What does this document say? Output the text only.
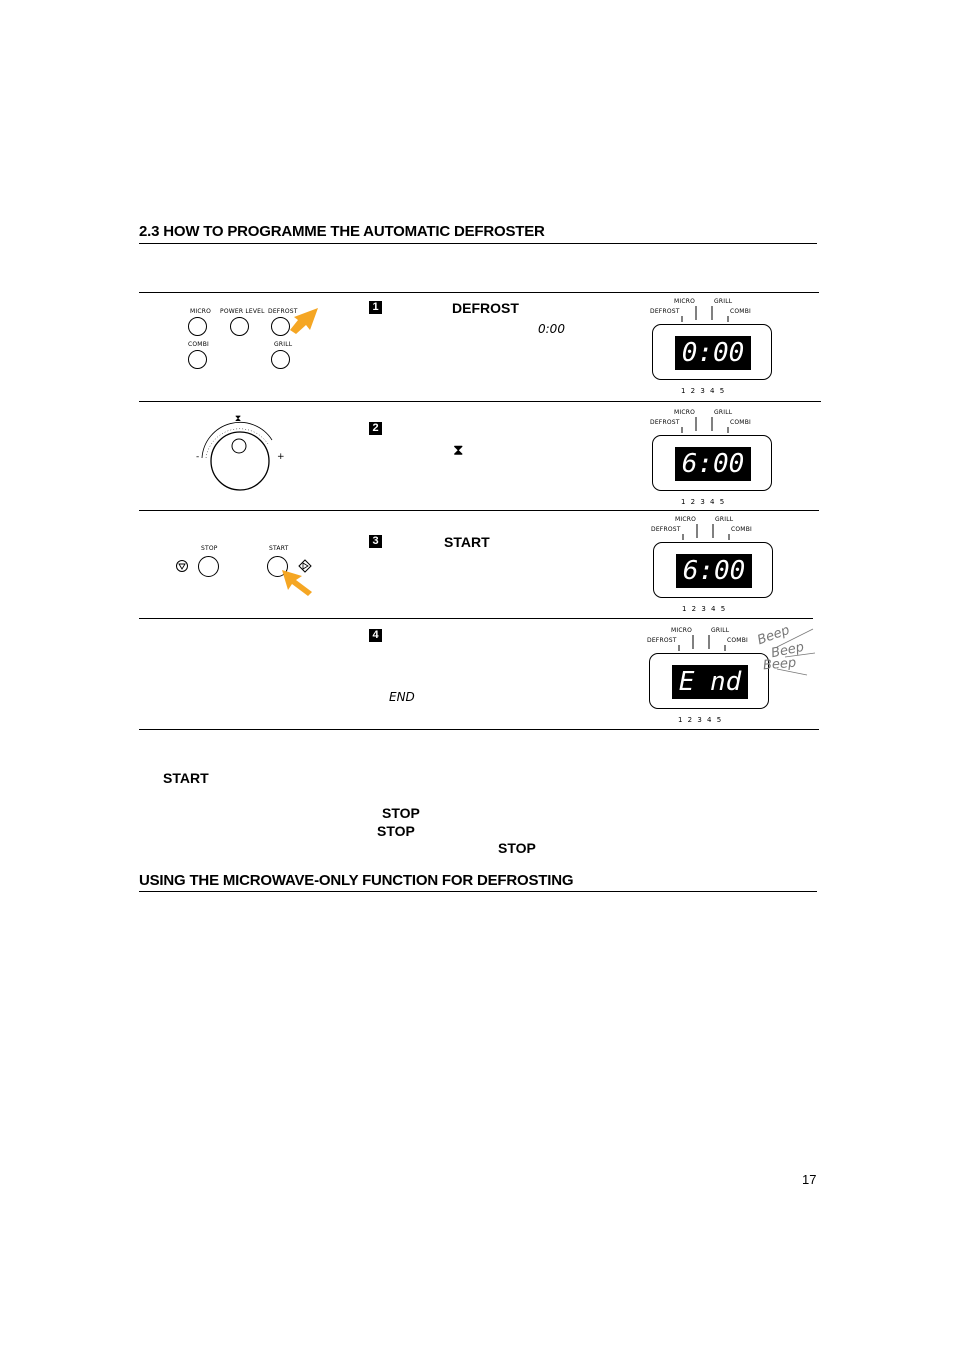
2.3 HOW TO PROGRAMME THE AUTOMATIC DEFROSTER
MICRO POWER LEVEL DEFROST
COMBI	GRILL
1	DEFROST
0:00
MICRO	GRILL
DEFROST	COMBI
0:00
1 2 3 4 5
⧗
-	+
2
⧗
MICRO	GRILL
DEFROST	COMBI
6:00
1 2 3 4 5
STOP	START
3	START
MICRO	GRILL
DEFROST	COMBI
6:00
1 2 3 4 5
4
END
MICRO	GRILL
DEFROST	COMBI
E nd
1 2 3 4 5
Beep
Beep
Beep
START
STOP
STOP
STOP
USING THE MICROWAVE-ONLY FUNCTION FOR DEFROSTING
17
